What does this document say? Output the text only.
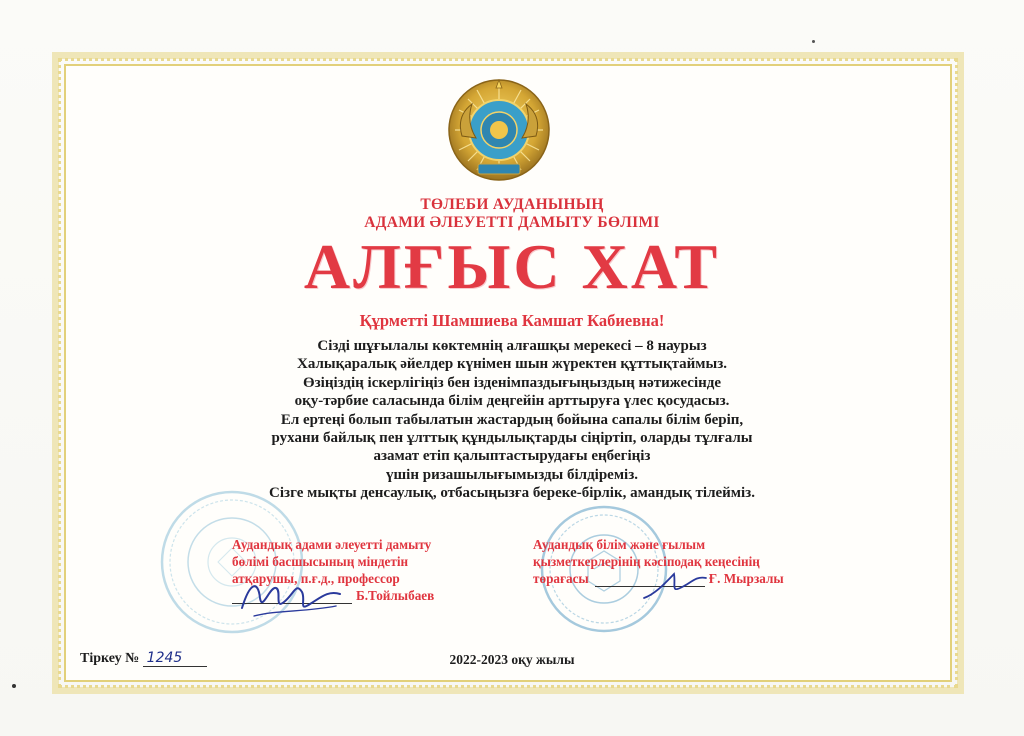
ТӨЛЕБИ АУДАНЫНЫҢ
АДАМИ ӘЛЕУЕТТІ ДАМЫТУ БӨЛІМІ
АЛҒЫС ХАТ
Құрметті Шамшиева Камшат Кабиевна!
Сізді шұғылалы көктемнің алғашқы мерекесі – 8 наурыз
Халықаралық әйелдер күнімен шын жүректен құттықтаймыз.
Өзіңіздің іскерлігіңіз бен ізденімпаздығыңыздың нәтижесінде
оқу-тәрбие саласында білім деңгейін арттыруға үлес қосудасыз.
Ел ертеңі болып табылатын жастардың бойына сапалы білім беріп,
рухани байлық пен ұлттық құндылықтарды сіңіртіп, оларды тұлғалы
азамат етіп қалыптастырудағы еңбегіңіз
үшін ризашылығымызды білдіреміз.
Сізге мықты денсаулық, отбасыңызға береке-бірлік, амандық тілейміз.
Аудандық адами әлеуетті дамыту
бөлімі басшысының міндетін
атқарушы, п.ғ.д., профессор
Б.Тойлыбаев
Аудандық білім және ғылым
қызметкерлерінің кәсіподақ кеңесінің
төрағасы	Ғ. Мырзалы
Тіркеу № 1245	2022-2023 оқу жылы
